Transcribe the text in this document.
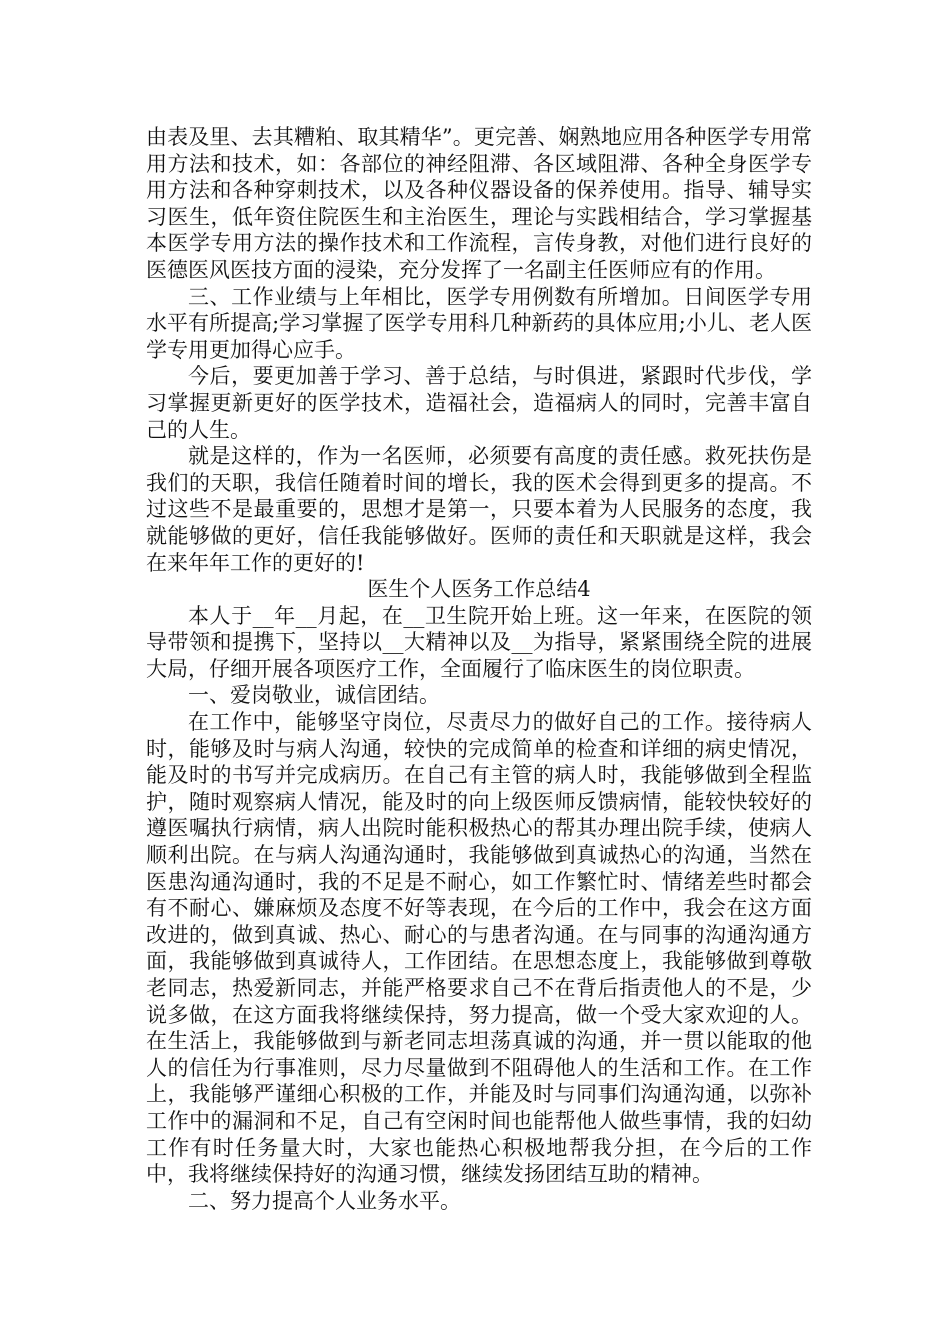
由表及里、去其糟粕、取其精华”。更完善、娴熟地应用各种医学专用常用方法和技术，如：各部位的神经阻滞、各区域阻滞、各种全身医学专用方法和各种穿刺技术，以及各种仪器设备的保养使用。指导、辅导实习医生，低年资住院医生和主治医生，理论与实践相结合，学习掌握基本医学专用方法的操作技术和工作流程，言传身教，对他们进行良好的医德医风医技方面的浸染，充分发挥了一名副主任医师应有的作用。

三、工作业绩与上年相比，医学专用例数有所增加。日间医学专用水平有所提高;学习掌握了医学专用科几种新药的具体应用;小儿、老人医学专用更加得心应手。

今后，要更加善于学习、善于总结，与时俱进，紧跟时代步伐，学习掌握更新更好的医学技术，造福社会，造福病人的同时，完善丰富自己的人生。

就是这样的，作为一名医师，必须要有高度的责任感。救死扶伤是我们的天职，我信任随着时间的增长，我的医术会得到更多的提高。不过这些不是最重要的，思想才是第一，只要本着为人民服务的态度，我就能够做的更好，信任我能够做好。医师的责任和天职就是这样，我会在来年年工作的更好的!

医生个人医务工作总结4

本人于__年__月起，在__卫生院开始上班。这一年来，在医院的领导带领和提携下，坚持以__大精神以及__为指导，紧紧围绕全院的进展大局，仔细开展各项医疗工作，全面履行了临床医生的岗位职责。

一、爱岗敬业，诚信团结。

在工作中，能够坚守岗位，尽责尽力的做好自己的工作。接待病人时，能够及时与病人沟通，较快的完成简单的检查和详细的病史情况，能及时的书写并完成病历。在自己有主管的病人时，我能够做到全程监护，随时观察病人情况，能及时的向上级医师反馈病情，能较快较好的遵医嘱执行病情，病人出院时能积极热心的帮其办理出院手续，使病人顺利出院。在与病人沟通沟通时，我能够做到真诚热心的沟通，当然在医患沟通沟通时，我的不足是不耐心，如工作繁忙时、情绪差些时都会有不耐心、嫌麻烦及态度不好等表现，在今后的工作中，我会在这方面改进的，做到真诚、热心、耐心的与患者沟通。在与同事的沟通沟通方面，我能够做到真诚待人，工作团结。在思想态度上，我能够做到尊敬老同志，热爱新同志，并能严格要求自己不在背后指责他人的不是，少说多做，在这方面我将继续保持，努力提高，做一个受大家欢迎的人。在生活上，我能够做到与新老同志坦荡真诚的沟通，并一贯以能取的他人的信任为行事准则，尽力尽量做到不阻碍他人的生活和工作。在工作上，我能够严谨细心积极的工作，并能及时与同事们沟通沟通，以弥补工作中的漏洞和不足，自己有空闲时间也能帮他人做些事情，我的妇幼工作有时任务量大时，大家也能热心积极地帮我分担，在今后的工作中，我将继续保持好的沟通习惯，继续发扬团结互助的精神。

二、努力提高个人业务水平。
